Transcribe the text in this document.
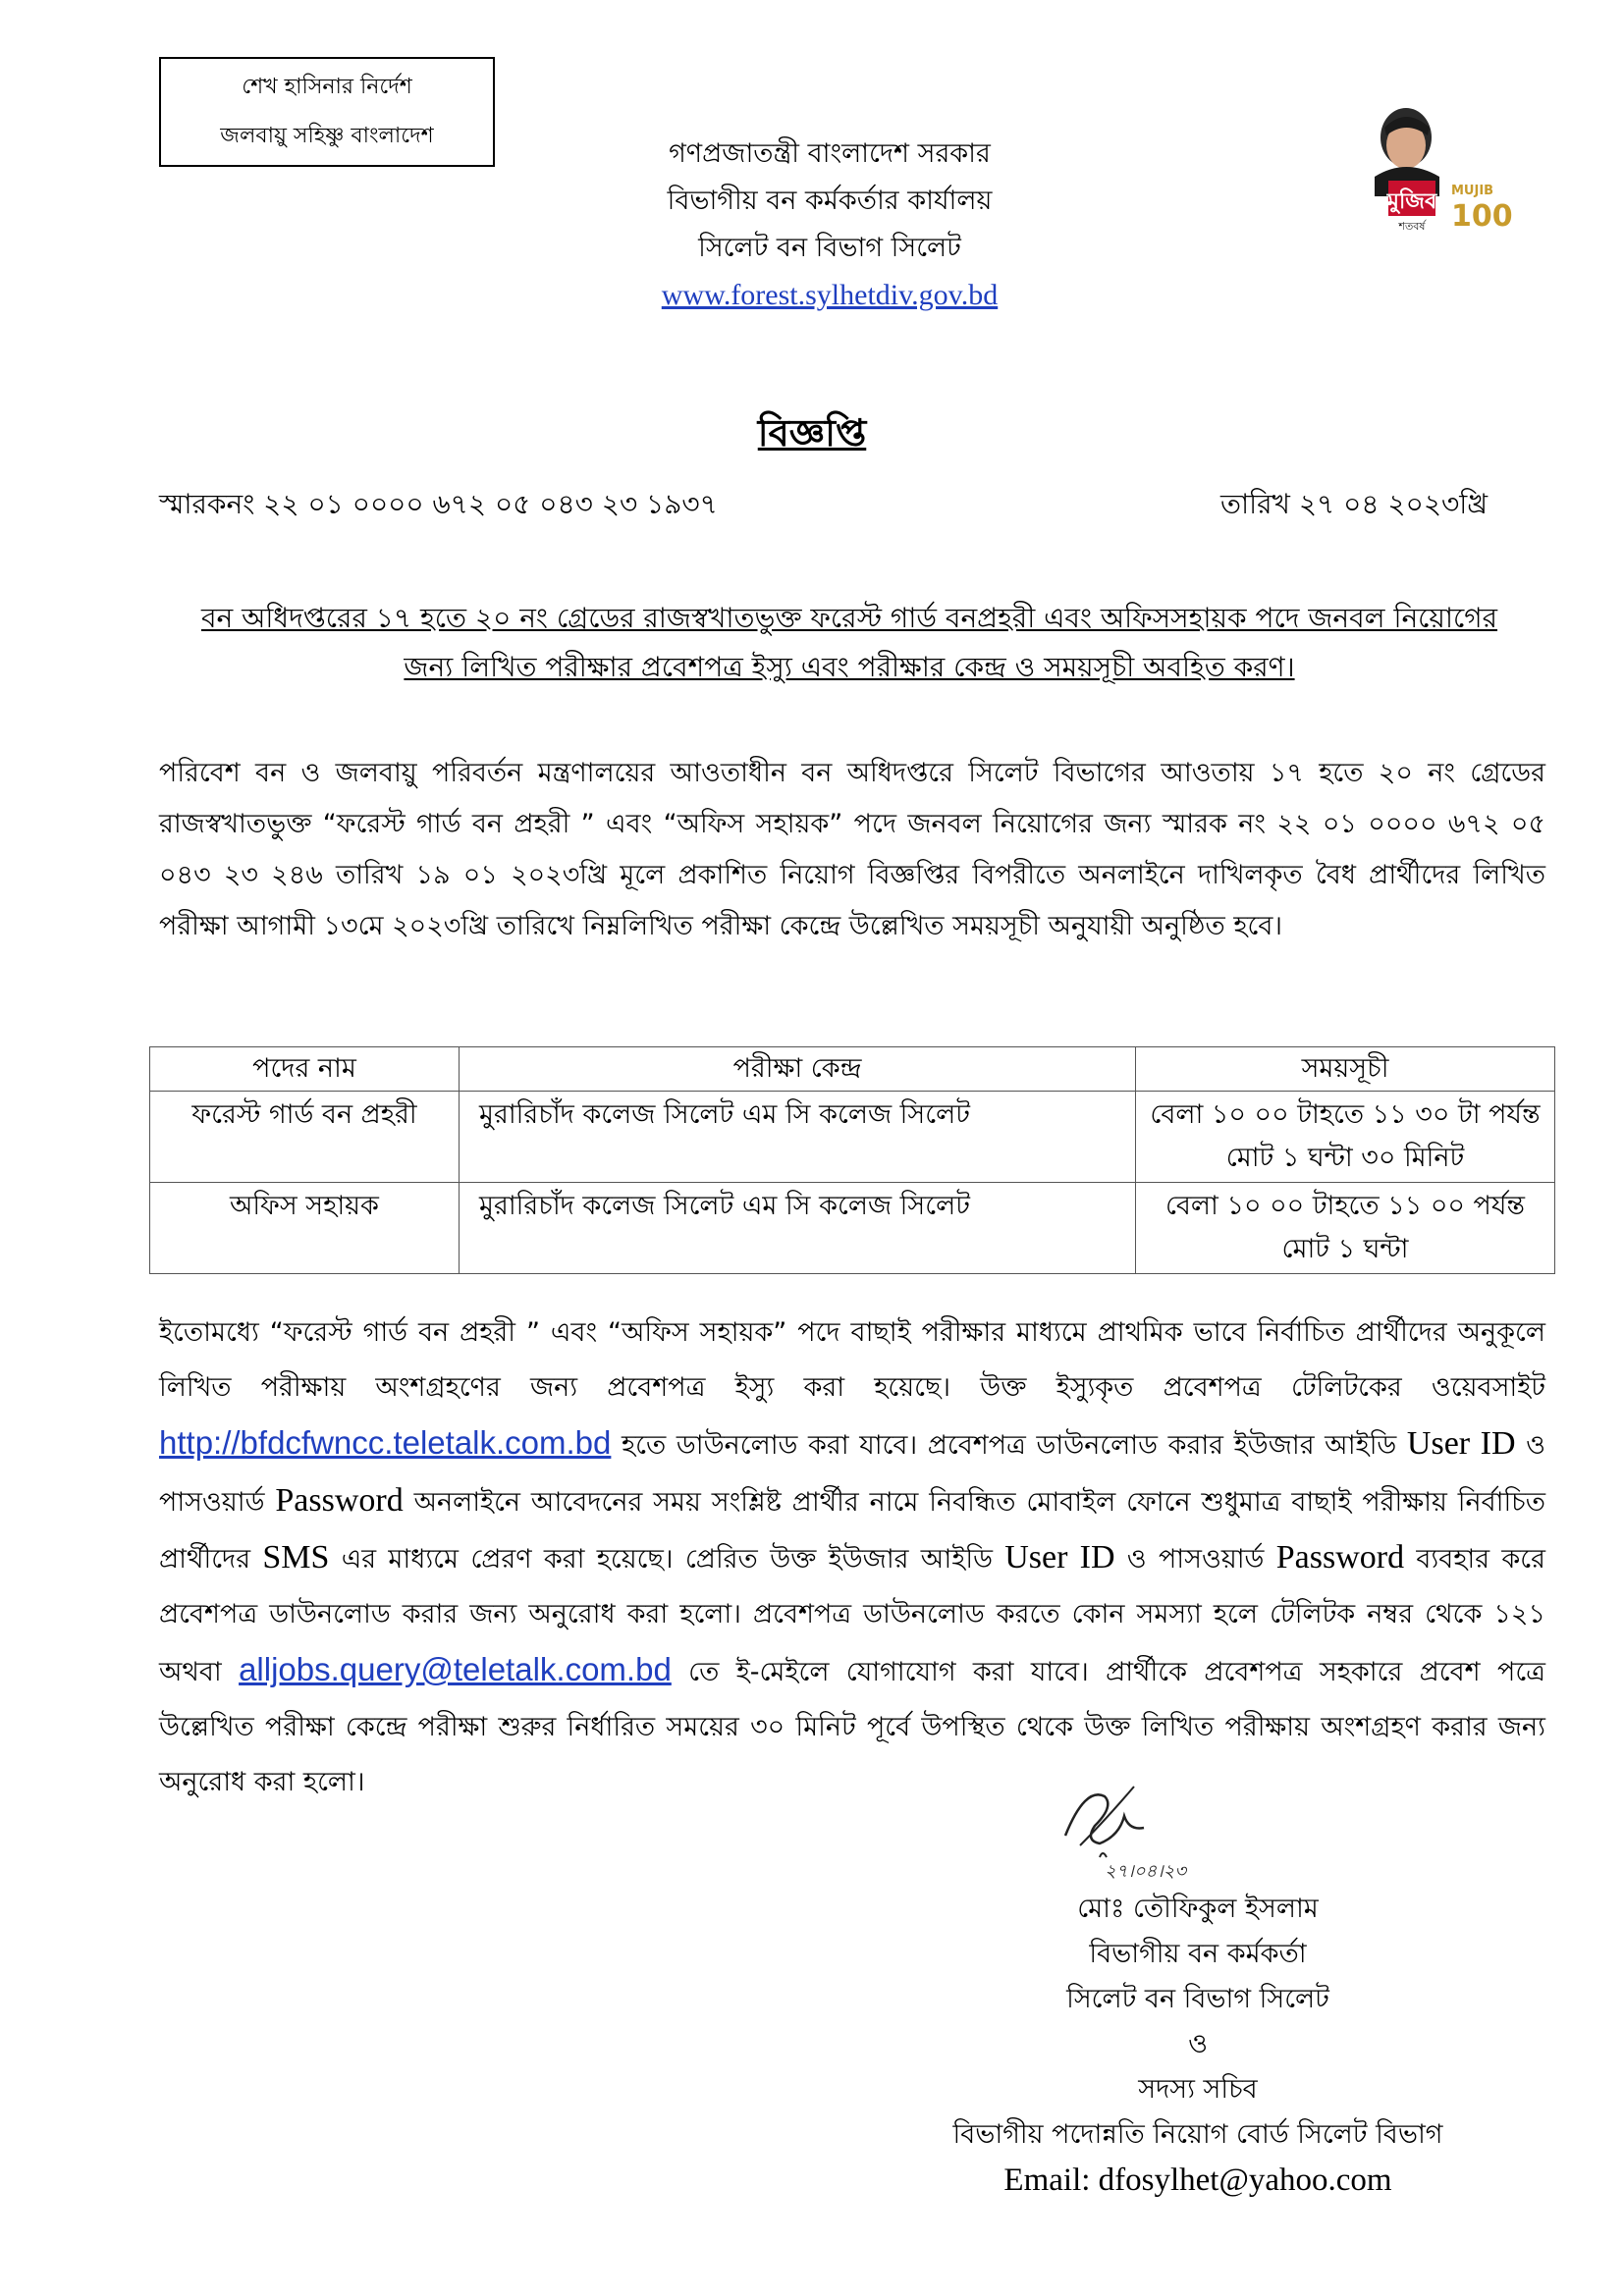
শেখ হাসিনার নির্দেশ
জলবায়ু সহিষ্ণু বাংলাদেশ
গণপ্রজাতন্ত্রী বাংলাদেশ সরকার
বিভাগীয় বন কর্মকর্তার কার্যালয়
সিলেট বন বিভাগ সিলেট
www.forest.sylhetdiv.gov.bd
মুজিব MUJIB
100
শতবর্ষ
বিজ্ঞপ্তি
স্মারকনং ২২ ০১ ০০০০ ৬৭২ ০৫ ০৪৩ ২৩ ১৯৩৭	তারিখ ২৭ ০৪ ২০২৩খ্রি
বন অধিদপ্তরের ১৭ হতে ২০ নং গ্রেডের রাজস্বখাতভুক্ত ফরেস্ট গার্ড বনপ্রহরী এবং অফিসসহায়ক পদে জনবল নিয়োগের
জন্য লিখিত পরীক্ষার প্রবেশপত্র ইস্যু এবং পরীক্ষার কেন্দ্র ও সময়সূচী অবহিত করণ।
পরিবেশ বন ও জলবায়ু পরিবর্তন মন্ত্রণালয়ের আওতাধীন বন অধিদপ্তরে সিলেট বিভাগের আওতায় ১৭ হতে ২০ নং গ্রেডের রাজস্বখাতভুক্ত “ফরেস্ট গার্ড বন প্রহরী ” এবং “অফিস সহায়ক” পদে জনবল নিয়োগের জন্য স্মারক নং ২২ ০১ ০০০০ ৬৭২ ০৫ ০৪৩ ২৩ ২৪৬ তারিখ ১৯ ০১ ২০২৩খ্রি মূলে প্রকাশিত নিয়োগ বিজ্ঞপ্তির বিপরীতে অনলাইনে দাখিলকৃত বৈধ প্রার্থীদের লিখিত পরীক্ষা আগামী ১৩মে ২০২৩খ্রি তারিখে নিম্নলিখিত পরীক্ষা কেন্দ্রে উল্লেখিত সময়সূচী অনুযায়ী অনুষ্ঠিত হবে।
পদের নাম	পরীক্ষা কেন্দ্র	সময়সূচী
ফরেস্ট গার্ড বন প্রহরী	মুরারিচাঁদ কলেজ সিলেট এম সি কলেজ সিলেট	বেলা ১০ ০০ টাহতে ১১ ৩০ টা পর্যন্ত
মোট ১ ঘন্টা ৩০ মিনিট

অফিস সহায়ক	মুরারিচাঁদ কলেজ সিলেট এম সি কলেজ সিলেট	বেলা ১০ ০০ টাহতে ১১ ০০ পর্যন্ত
মোট ১ ঘন্টা
ইতোমধ্যে “ফরেস্ট গার্ড বন প্রহরী ” এবং “অফিস সহায়ক” পদে বাছাই পরীক্ষার মাধ্যমে প্রাথমিক ভাবে নির্বাচিত প্রার্থীদের অনুকূলে লিখিত পরীক্ষায় অংশগ্রহণের জন্য প্রবেশপত্র ইস্যু করা হয়েছে। উক্ত ইস্যুকৃত প্রবেশপত্র টেলিটকের ওয়েবসাইট http://bfdcfwncc.teletalk.com.bd হতে ডাউনলোড করা যাবে। প্রবেশপত্র ডাউনলোড করার ইউজার আইডি User ID ও পাসওয়ার্ড Password অনলাইনে আবেদনের সময় সংশ্লিষ্ট প্রার্থীর নামে নিবন্ধিত মোবাইল ফোনে শুধুমাত্র বাছাই পরীক্ষায় নির্বাচিত প্রার্থীদের SMS এর মাধ্যমে প্রেরণ করা হয়েছে। প্রেরিত উক্ত ইউজার আইডি User ID ও পাসওয়ার্ড Password ব্যবহার করে প্রবেশপত্র ডাউনলোড করার জন্য অনুরোধ করা হলো। প্রবেশপত্র ডাউনলোড করতে কোন সমস্যা হলে টেলিটক নম্বর থেকে ১২১ অথবা alljobs.query@teletalk.com.bd তে ই-মেইলে যোগাযোগ করা যাবে। প্রার্থীকে প্রবেশপত্র সহকারে প্রবেশ পত্রে উল্লেখিত পরীক্ষা কেন্দ্রে পরীক্ষা শুরুর নির্ধারিত সময়ের ৩০ মিনিট পূর্বে উপস্থিত থেকে উক্ত লিখিত পরীক্ষায় অংশগ্রহণ করার জন্য অনুরোধ করা হলো।
২৭।০৪।২৩
মোঃ তৌফিকুল ইসলাম
বিভাগীয় বন কর্মকর্তা
সিলেট বন বিভাগ সিলেট
ও
সদস্য সচিব
বিভাগীয় পদোন্নতি নিয়োগ বোর্ড সিলেট বিভাগ
Email: dfosylhet@yahoo.com
